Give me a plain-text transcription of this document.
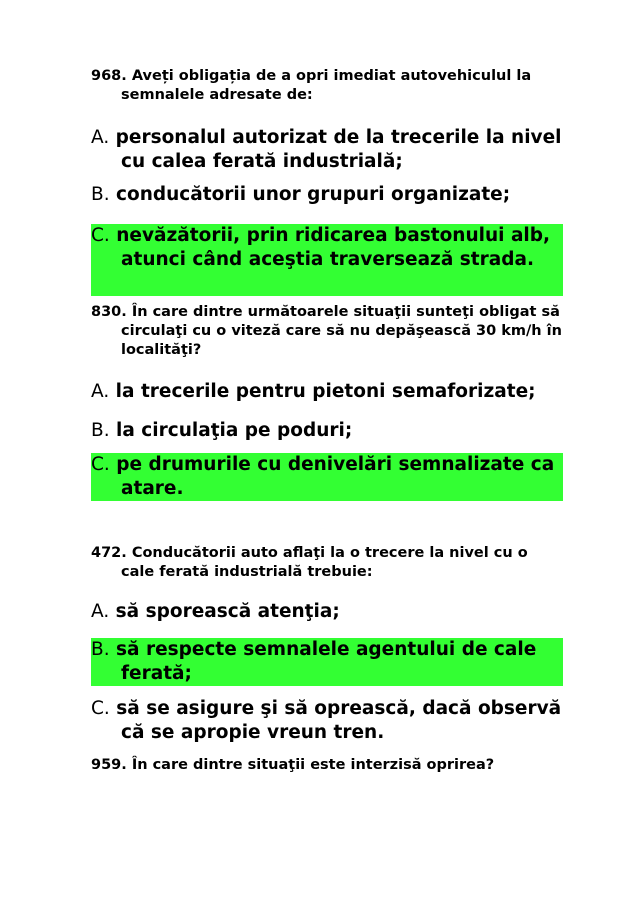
968. Aveți obligația de a opri imediat autovehiculul la semnalele adresate de:
A. personalul autorizat de la trecerile la nivel cu calea ferată industrială;
B. conducătorii unor grupuri organizate;
C. nevăzătorii, prin ridicarea bastonului alb, atunci când aceştia traversează strada.
830. În care dintre următoarele situaţii sunteţi obligat să circulaţi cu o viteză care să nu depăşească 30 km/h în localităţi?
A. la trecerile pentru pietoni semaforizate;
B. la circulaţia pe poduri;
C. pe drumurile cu denivelări semnalizate ca atare.
472. Conducătorii auto aflaţi la o trecere la nivel cu o cale ferată industrială trebuie:
A. să sporească atenţia;
B. să respecte semnalele agentului de cale ferată;
C. să se asigure şi să oprească, dacă observă că se apropie vreun tren.
959. În care dintre situaţii este interzisă oprirea?
